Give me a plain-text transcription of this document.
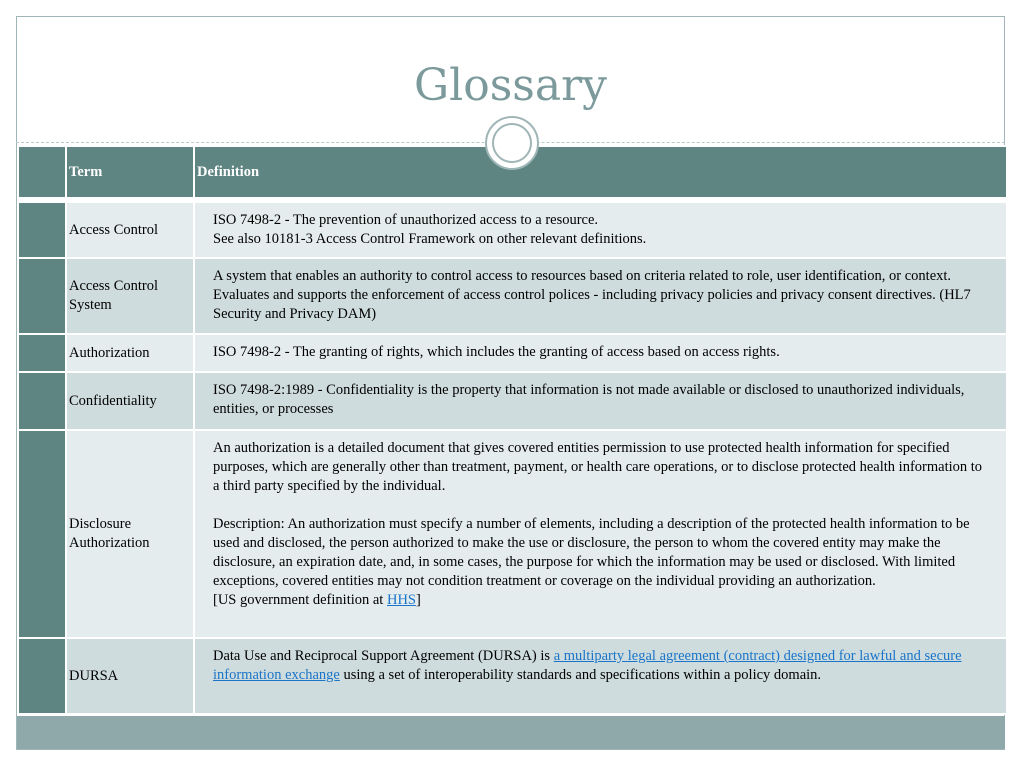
Glossary
	Term	Definition

	Access Control	ISO 7498-2 - The prevention of unauthorized access to a resource.
See also 10181-3 Access Control Framework on other relevant definitions.

	Access Control System	A system that enables an authority to control access to resources based on criteria related to role, user identification, or context. Evaluates and supports the enforcement of access control polices - including privacy policies and privacy consent directives. (HL7 Security and Privacy DAM)
	Authorization	ISO 7498-2 - The granting of rights, which includes the granting of access based on access rights.
	Confidentiality	ISO 7498-2:1989 - Confidentiality is the property that information is not made available or disclosed to unauthorized individuals, entities, or processes
	Disclosure Authorization	An authorization is a detailed document that gives covered entities permission to use protected health information for specified purposes, which are generally other than treatment, payment, or health care operations, or to disclose protected health information to a third party specified by the individual.

Description: An authorization must specify a number of elements, including a description of the protected health information to be used and disclosed, the person authorized to make the use or disclosure, the person to whom the covered entity may make the disclosure, an expiration date, and, in some cases, the purpose for which the information may be used or disclosed. With limited exceptions, covered entities may not condition treatment or coverage on the individual providing an authorization.
[US government definition at HHS]

	DURSA	Data Use and Reciprocal Support Agreement (DURSA) is a multiparty legal agreement (contract) designed for lawful and secure information exchange using a set of interoperability standards and specifications within a policy domain.
